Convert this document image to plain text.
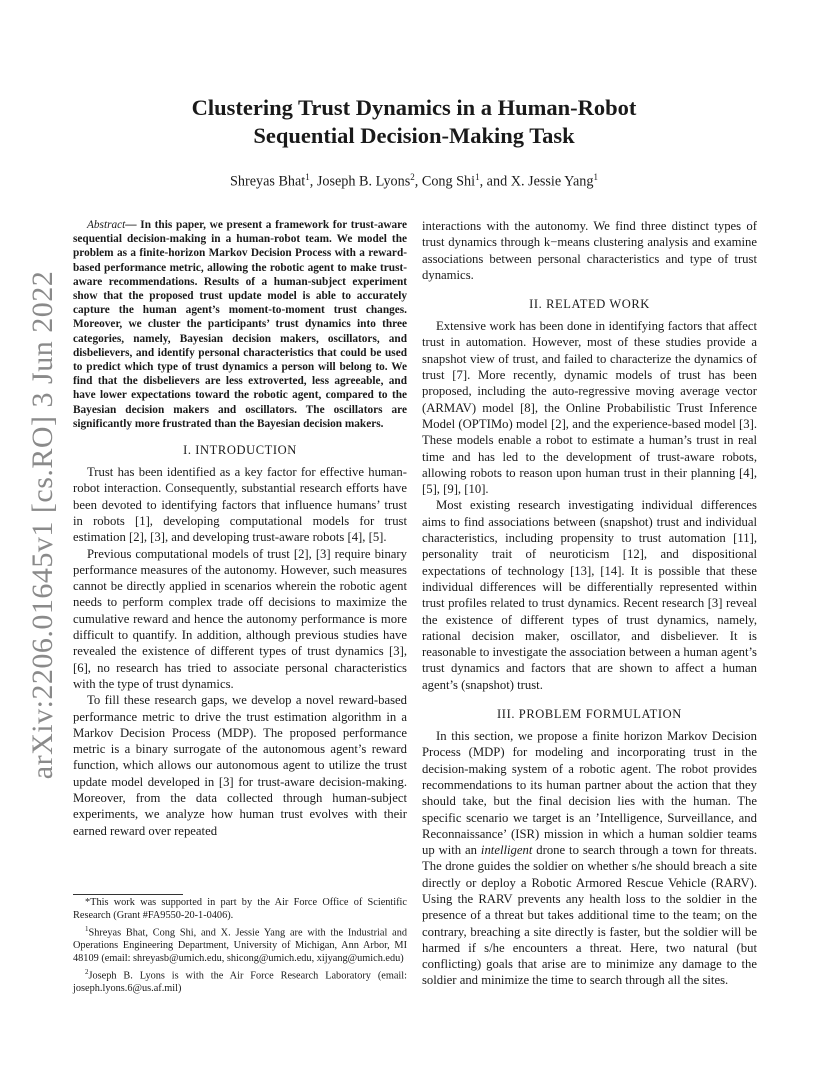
arXiv:2206.01645v1 [cs.RO] 3 Jun 2022
Clustering Trust Dynamics in a Human-Robot
Sequential Decision-Making Task
Shreyas Bhat$^1$, Joseph B. Lyons$^2$, Cong Shi$^1$, and X. Jessie Yang$^1$

Abstract— In this paper, we present a framework for trust-aware sequential decision-making in a human-robot team. We model the problem as a finite-horizon Markov Decision Process with a reward-based performance metric, allowing the robotic agent to make trust-aware recommendations. Results of a human-subject experiment show that the proposed trust update model is able to accurately capture the human agent’s moment-to-moment trust changes. Moreover, we cluster the participants’ trust dynamics into three categories, namely, Bayesian decision makers, oscillators, and disbelievers, and identify personal characteristics that could be used to predict which type of trust dynamics a person will belong to. We find that the disbelievers are less extroverted, less agreeable, and have lower expectations toward the robotic agent, compared to the Bayesian decision makers and oscillators. The oscillators are significantly more frustrated than the Bayesian decision makers.

I. INTRODUCTION

Trust has been identified as a key factor for effective human-robot interaction. Consequently, substantial research efforts have been devoted to identifying factors that influence humans’ trust in robots [1], developing computational models for trust estimation [2], [3], and developing trust-aware robots [4], [5].

Previous computational models of trust [2], [3] require binary performance measures of the autonomy. However, such measures cannot be directly applied in scenarios wherein the robotic agent needs to perform complex trade off decisions to maximize the cumulative reward and hence the autonomy performance is more difficult to quantify. In addition, although previous studies have revealed the existence of different types of trust dynamics [3], [6], no research has tried to associate personal characteristics with the type of trust dynamics.

To fill these research gaps, we develop a novel reward-based performance metric to drive the trust estimation algorithm in a Markov Decision Process (MDP). The proposed performance metric is a binary surrogate of the autonomous agent’s reward function, which allows our autonomous agent to utilize the trust update model developed in [3] for trust-aware decision-making. Moreover, from the data collected through human-subject experiments, we analyze how human trust evolves with their earned reward over repeated

*This work was supported in part by the Air Force Office of Scientific Research (Grant #FA9550-20-1-0406).

$^1$Shreyas Bhat, Cong Shi, and X. Jessie Yang are with the Industrial and Operations Engineering Department, University of Michigan, Ann Arbor, MI 48109 (email: shreyasb@umich.edu, shicong@umich.edu, xijyang@umich.edu)

$^2$Joseph B. Lyons is with the Air Force Research Laboratory (email: joseph.lyons.6@us.af.mil)

interactions with the autonomy. We find three distinct types of trust dynamics through k−means clustering analysis and examine associations between personal characteristics and type of trust dynamics.

II. RELATED WORK

Extensive work has been done in identifying factors that affect trust in automation. However, most of these studies provide a snapshot view of trust, and failed to characterize the dynamics of trust [7]. More recently, dynamic models of trust has been proposed, including the auto-regressive moving average vector (ARMAV) model [8], the Online Probabilistic Trust Inference Model (OPTIMo) model [2], and the experience-based model [3]. These models enable a robot to estimate a human’s trust in real time and has led to the development of trust-aware robots, allowing robots to reason upon human trust in their planning [4], [5], [9], [10].

Most existing research investigating individual differences aims to find associations between (snapshot) trust and individual characteristics, including propensity to trust automation [11], personality trait of neuroticism [12], and dispositional expectations of technology [13], [14]. It is possible that these individual differences will be differentially represented within trust profiles related to trust dynamics. Recent research [3] reveal the existence of different types of trust dynamics, namely, rational decision maker, oscillator, and disbeliever. It is reasonable to investigate the association between a human agent’s trust dynamics and factors that are shown to affect a human agent’s (snapshot) trust.

III. PROBLEM FORMULATION

In this section, we propose a finite horizon Markov Decision Process (MDP) for modeling and incorporating trust in the decision-making system of a robotic agent. The robot provides recommendations to its human partner about the action that they should take, but the final decision lies with the human. The specific scenario we target is an ’Intelligence, Surveillance, and Reconnaissance’ (ISR) mission in which a human soldier teams up with an intelligent drone to search through a town for threats. The drone guides the soldier on whether s/he should breach a site directly or deploy a Robotic Armored Rescue Vehicle (RARV). Using the RARV prevents any health loss to the soldier in the presence of a threat but takes additional time to the team; on the contrary, breaching a site directly is faster, but the soldier will be harmed if s/he encounters a threat. Here, two natural (but conflicting) goals that arise are to minimize any damage to the soldier and minimize the time to search through all the sites.
